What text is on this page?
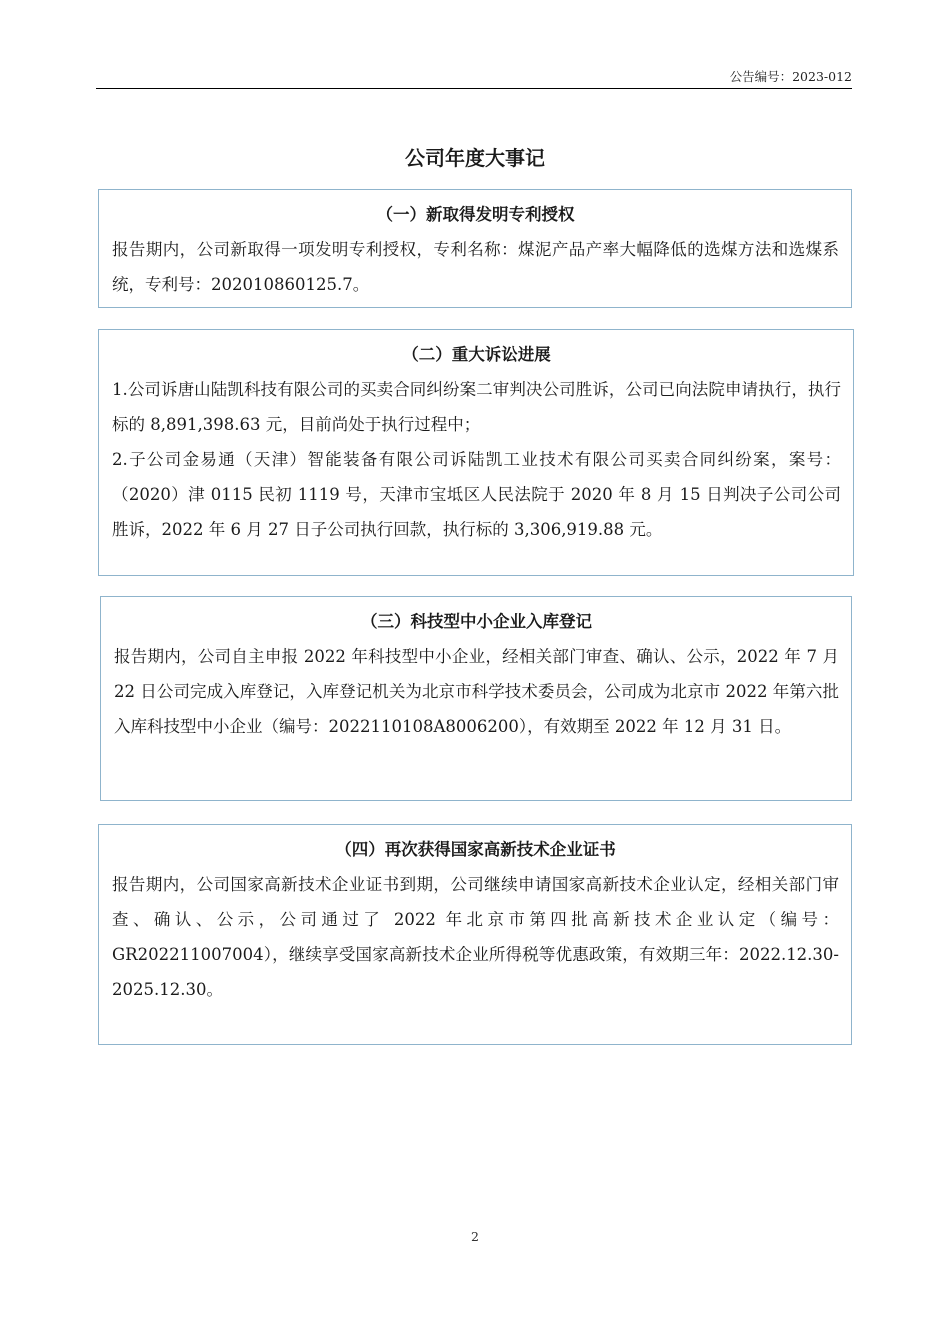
公告编号：2023-012
公司年度大事记
（一）新取得发明专利授权
报告期内，公司新取得一项发明专利授权，专利名称：煤泥产品产率大幅降低的选煤方法和选煤系统，专利号：202010860125.7。
（二）重大诉讼进展
1.公司诉唐山陆凯科技有限公司的买卖合同纠纷案二审判决公司胜诉，公司已向法院申请执行，执行标的 8,891,398.63 元，目前尚处于执行过程中；
2.子公司金易通（天津）智能装备有限公司诉陆凯工业技术有限公司买卖合同纠纷案，案号：（2020）津 0115 民初 1119 号，天津市宝坻区人民法院于 2020 年 8 月 15 日判决子公司公司胜诉，2022 年 6 月 27 日子公司执行回款，执行标的 3,306,919.88 元。
（三）科技型中小企业入库登记
报告期内，公司自主申报 2022 年科技型中小企业，经相关部门审查、确认、公示，2022 年 7 月 22 日公司完成入库登记，入库登记机关为北京市科学技术委员会，公司成为北京市 2022 年第六批入库科技型中小企业（编号：2022110108A8006200），有效期至 2022 年 12 月 31 日。
（四）再次获得国家高新技术企业证书
报告期内，公司国家高新技术企业证书到期，公司继续申请国家高新技术企业认定，经相关部门审查、确认、公示，公司通过了 2022 年北京市第四批高新技术企业认定（编号：GR202211007004），继续享受国家高新技术企业所得税等优惠政策，有效期三年：2022.12.30-2025.12.30。
2
